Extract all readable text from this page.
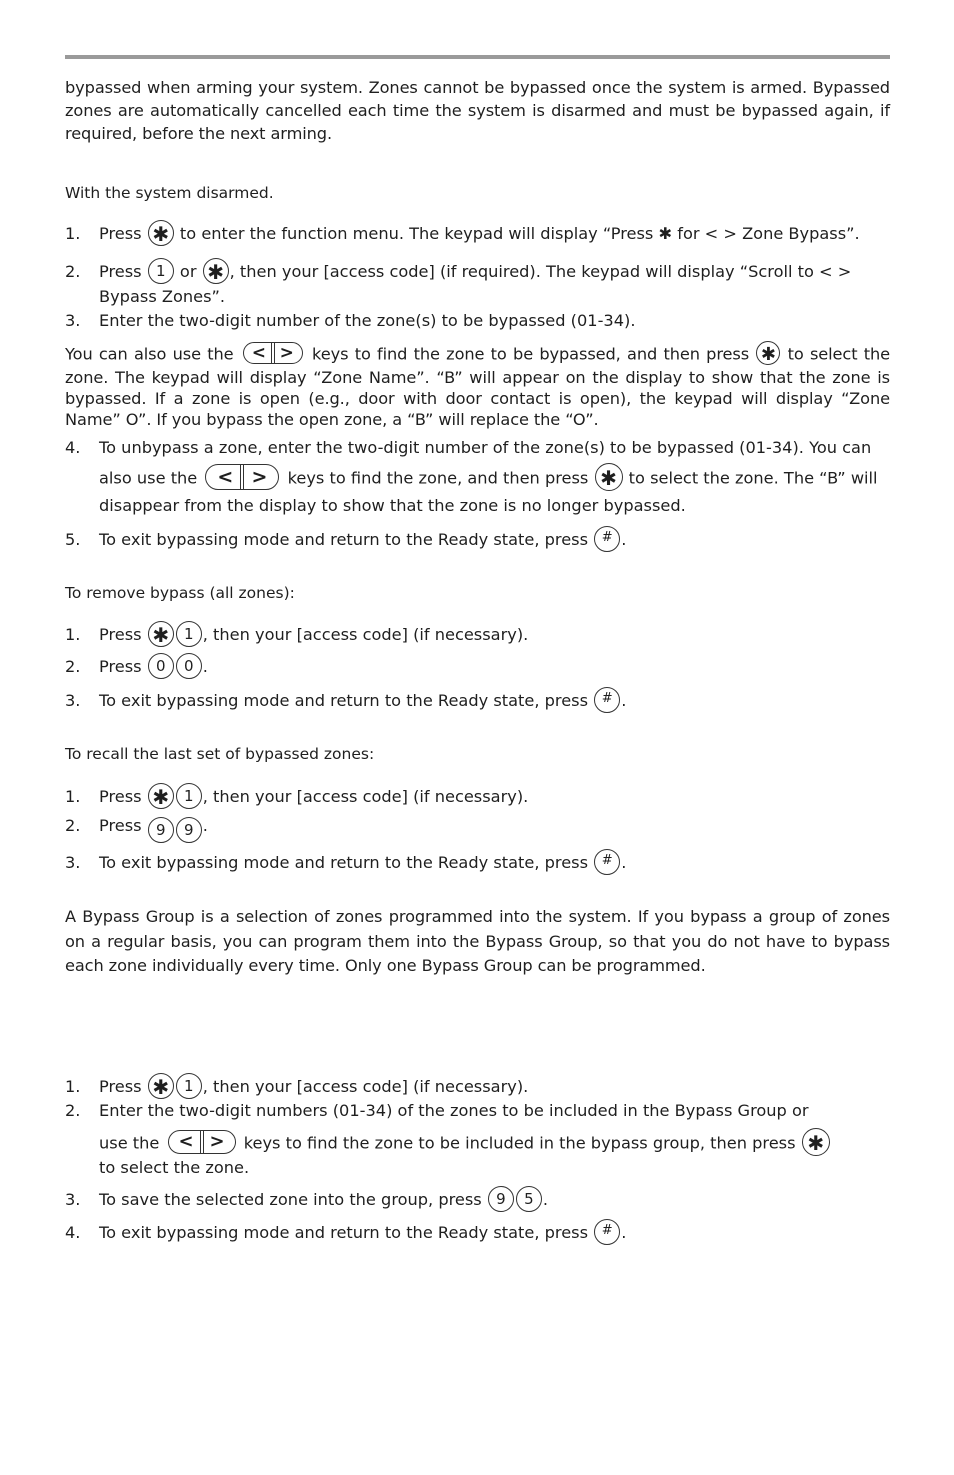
bypassed when arming your system. Zones cannot be bypassed once the system is armed. Bypassed zones are automatically cancelled each time the system is disarmed and must be bypassed again, if required, before the next arming.

With the system disarmed.

1.	Press ✱ to enter the function menu. The keypad will display “Press ✱ for < > Zone Bypass”.
2.	Press 1 or ✱ , then your [access code] (if required). The keypad will display “Scroll to < >
Bypass Zones”.
3.	Enter the two-digit number of the zone(s) to be bypassed (01-34).

You can also use the < > keys to find the zone to be bypassed, and then press ✱ to select the zone. The keypad will display “Zone Name”. “B” will appear on the display to show that the zone is bypassed. If a zone is open (e.g., door with door contact is open), the keypad will display “Zone Name” O”. If you bypass the open zone, a “B” will replace the “O”.

4.	To unbypass a zone, enter the two-digit number of the zone(s) to be bypassed (01-34). You can
also use the < > keys to find the zone, and then press ✱ to select the zone. The “B” will
disappear from the display to show that the zone is no longer bypassed.
5.	To exit bypassing mode and return to the Ready state, press # .

To remove bypass (all zones):

1.	Press ✱ 1 , then your [access code] (if necessary).
2.	Press 0 0 .
3.	To exit bypassing mode and return to the Ready state, press # .

To recall the last set of bypassed zones:

1.	Press ✱ 1 , then your [access code] (if necessary).
2.	Press 9 9 .
3.	To exit bypassing mode and return to the Ready state, press # .

A Bypass Group is a selection of zones programmed into the system. If you bypass a group of zones on a regular basis, you can program them into the Bypass Group, so that you do not have to bypass each zone individually every time. Only one Bypass Group can be programmed.

1.	Press ✱ 1 , then your [access code] (if necessary).
2.	Enter the two-digit numbers (01-34) of the zones to be included in the Bypass Group or
use the < > keys to find the zone to be included in the bypass group, then press ✱
to select the zone.
3.	To save the selected zone into the group, press 9 5 .
4.	To exit bypassing mode and return to the Ready state, press # .
